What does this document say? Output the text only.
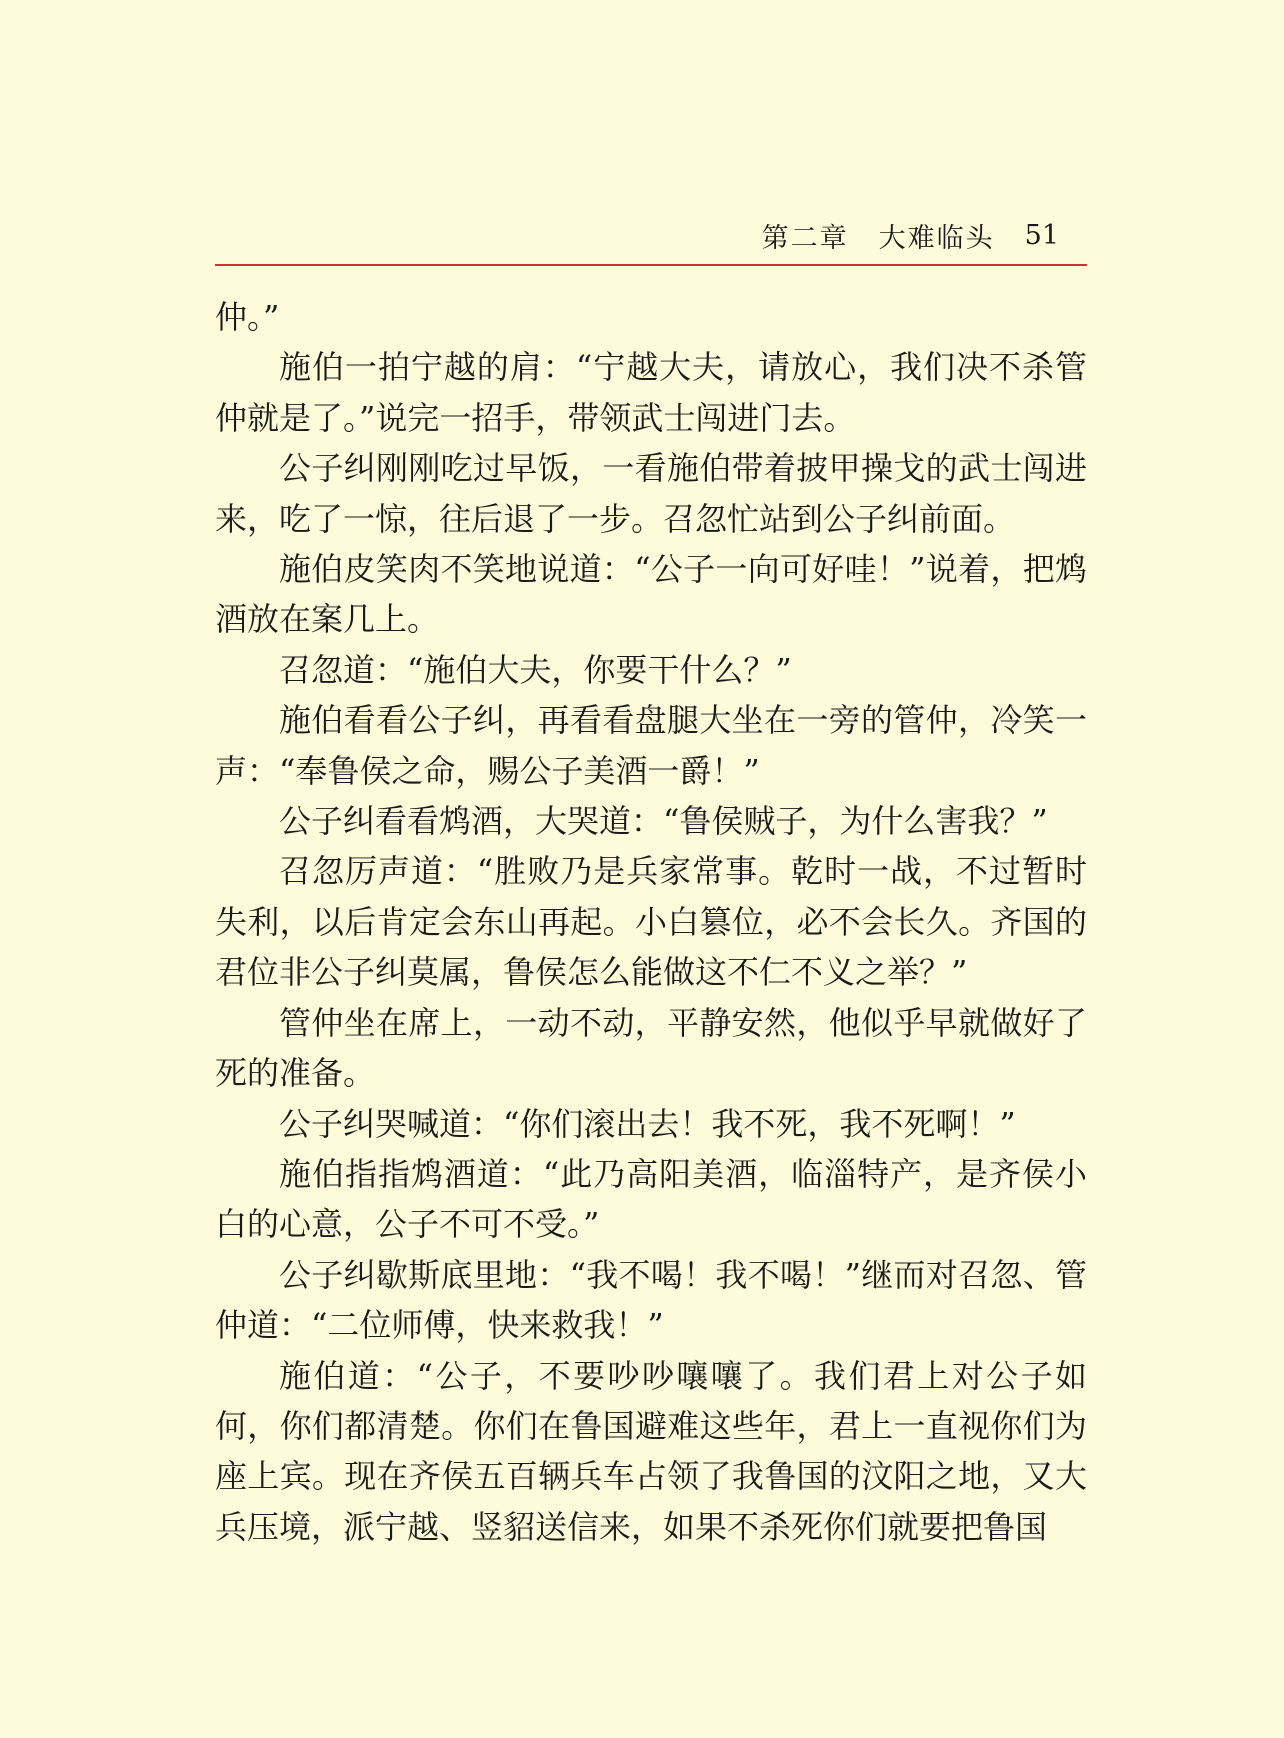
第二章 大难临头 51

仲。”

施伯一拍宁越的肩：“宁越大夫，请放心，我们决不杀管仲就是了。”说完一招手，带领武士闯进门去。

公子纠刚刚吃过早饭，一看施伯带着披甲操戈的武士闯进来，吃了一惊，往后退了一步。召忽忙站到公子纠前面。

施伯皮笑肉不笑地说道：“公子一向可好哇！”说着，把鸩酒放在案几上。

召忽道：“施伯大夫，你要干什么？”

施伯看看公子纠，再看看盘腿大坐在一旁的管仲，冷笑一声：“奉鲁侯之命，赐公子美酒一爵！”

公子纠看看鸩酒，大哭道：“鲁侯贼子，为什么害我？”

召忽厉声道：“胜败乃是兵家常事。乾时一战，不过暂时失利，以后肯定会东山再起。小白篡位，必不会长久。齐国的君位非公子纠莫属，鲁侯怎么能做这不仁不义之举？”

管仲坐在席上，一动不动，平静安然，他似乎早就做好了死的准备。

公子纠哭喊道：“你们滚出去！我不死，我不死啊！”

施伯指指鸩酒道：“此乃高阳美酒，临淄特产，是齐侯小白的心意，公子不可不受。”

公子纠歇斯底里地：“我不喝！我不喝！”继而对召忽、管仲道：“二位师傅，快来救我！”

施伯道：“公子，不要吵吵嚷嚷了。我们君上对公子如何，你们都清楚。你们在鲁国避难这些年，君上一直视你们为座上宾。现在齐侯五百辆兵车占领了我鲁国的汶阳之地，又大兵压境，派宁越、竖貂送信来，如果不杀死你们就要把鲁国
